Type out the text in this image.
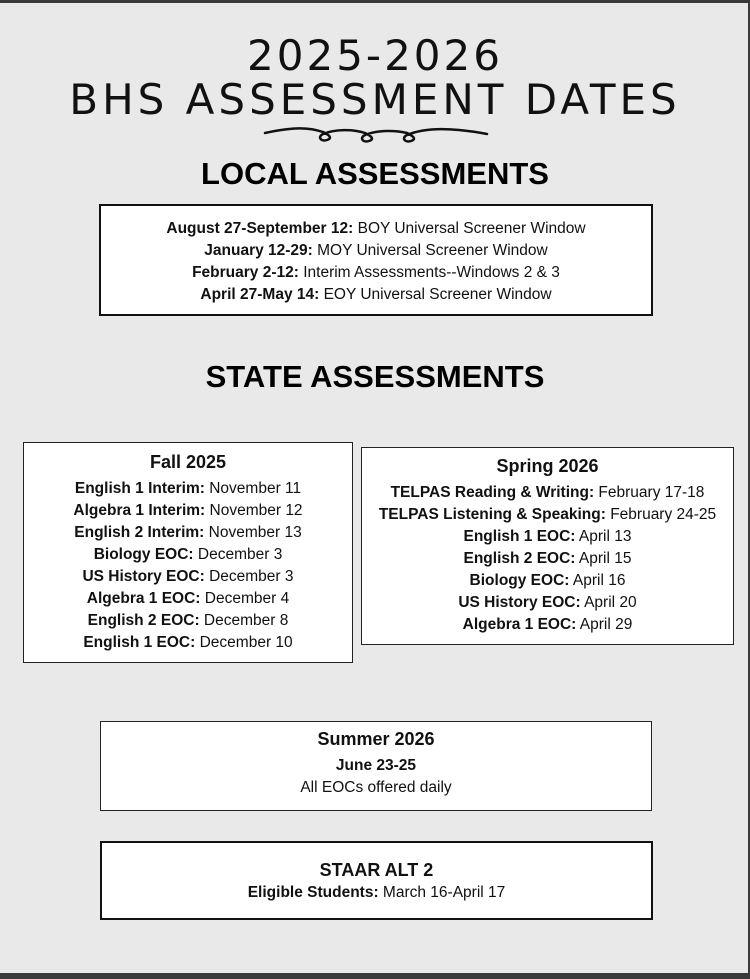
2025-2026
BHS ASSESSMENT DATES
LOCAL ASSESSMENTS
August 27-September 12: BOY Universal Screener Window
January 12-29: MOY Universal Screener Window
February 2-12: Interim Assessments--Windows 2 & 3
April 27-May 14: EOY Universal Screener Window
STATE ASSESSMENTS
Fall 2025
English 1 Interim: November 11
Algebra 1 Interim: November 12
English 2 Interim: November 13
Biology EOC: December 3
US History EOC: December 3
Algebra 1 EOC: December 4
English 2 EOC: December 8
English 1 EOC: December 10
Spring 2026
TELPAS Reading & Writing: February 17-18
TELPAS Listening & Speaking: February 24-25
English 1 EOC: April 13
English 2 EOC: April 15
Biology EOC: April 16
US History EOC: April 20
Algebra 1 EOC: April 29
Summer 2026
June 23-25
All EOCs offered daily
STAAR ALT 2
Eligible Students: March 16-April 17
